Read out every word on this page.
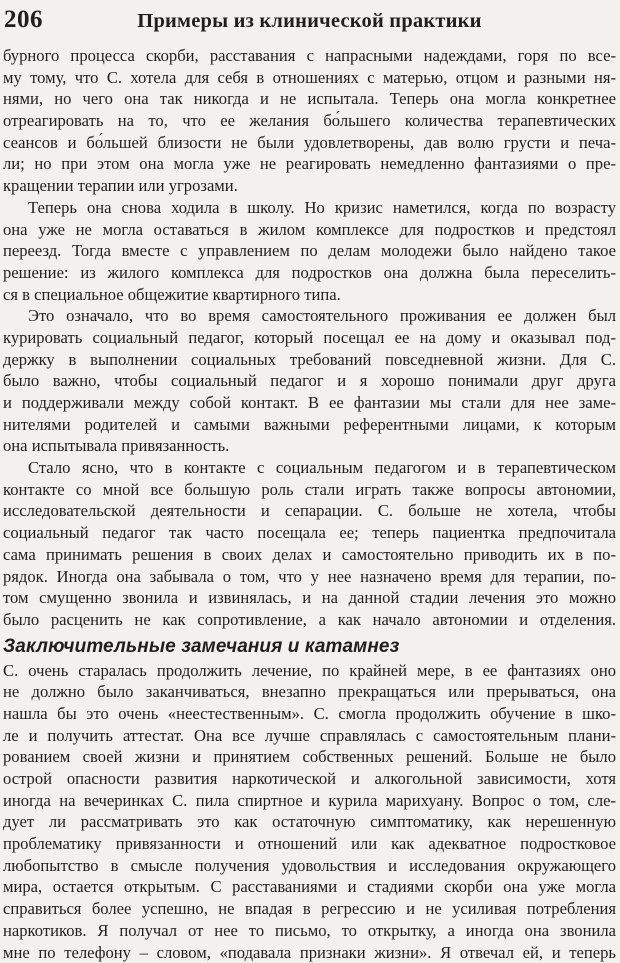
206	Примеры из клинической практики
бурного процесса скорби, расставания с напрасными надеждами, горя по все-
му тому, что С. хотела для себя в отношениях с матерью, отцом и разными ня-
нями, но чего она так никогда и не испытала. Теперь она могла конкретнее
отреагировать на то, что ее желания бо́льшего количества терапевтических
сеансов и бо́льшей близости не были удовлетворены, дав волю грусти и печа-
ли; но при этом она могла уже не реагировать немедленно фантазиями о пре-
кращении терапии или угрозами.
Теперь она снова ходила в школу. Но кризис наметился, когда по возрасту
она уже не могла оставаться в жилом комплексе для подростков и предстоял
переезд. Тогда вместе с управлением по делам молодежи было найдено такое
решение: из жилого комплекса для подростков она должна была переселить-
ся в специальное общежитие квартирного типа.
Это означало, что во время самостоятельного проживания ее должен был
курировать социальный педагог, который посещал ее на дому и оказывал под-
держку в выполнении социальных требований повседневной жизни. Для С.
было важно, чтобы социальный педагог и я хорошо понимали друг друга
и поддерживали между собой контакт. В ее фантазии мы стали для нее заме-
нителями родителей и самыми важными референтными лицами, к которым
она испытывала привязанность.
Стало ясно, что в контакте с социальным педагогом и в терапевтическом
контакте со мной все большую роль стали играть также вопросы автономии,
исследовательской деятельности и сепарации. С. больше не хотела, чтобы
социальный педагог так часто посещала ее; теперь пациентка предпочитала
сама принимать решения в своих делах и самостоятельно приводить их в по-
рядок. Иногда она забывала о том, что у нее назначено время для терапии, по-
том смущенно звонила и извинялась, и на данной стадии лечения это можно
было расценить не как сопротивление, а как начало автономии и отделения.
Заключительные замечания и катамнез
С. очень старалась продолжить лечение, по крайней мере, в ее фантазиях оно
не должно было заканчиваться, внезапно прекращаться или прерываться, она
нашла бы это очень «неестественным». С. смогла продолжить обучение в шко-
ле и получить аттестат. Она все лучше справлялась с самостоятельным плани-
рованием своей жизни и принятием собственных решений. Больше не было
острой опасности развития наркотической и алкогольной зависимости, хотя
иногда на вечеринках С. пила спиртное и курила марихуану. Вопрос о том, сле-
дует ли рассматривать это как остаточную симптоматику, как нерешенную
проблематику привязанности и отношений или как адекватное подростковое
любопытство в смысле получения удовольствия и исследования окружающего
мира, остается открытым. С расставаниями и стадиями скорби она уже могла
справиться более успешно, не впадая в регрессию и не усиливая потребления
наркотиков. Я получал от нее то письмо, то открытку, а иногда она звонила
мне по телефону – словом, «подавала признаки жизни». Я отвечал ей, и теперь
